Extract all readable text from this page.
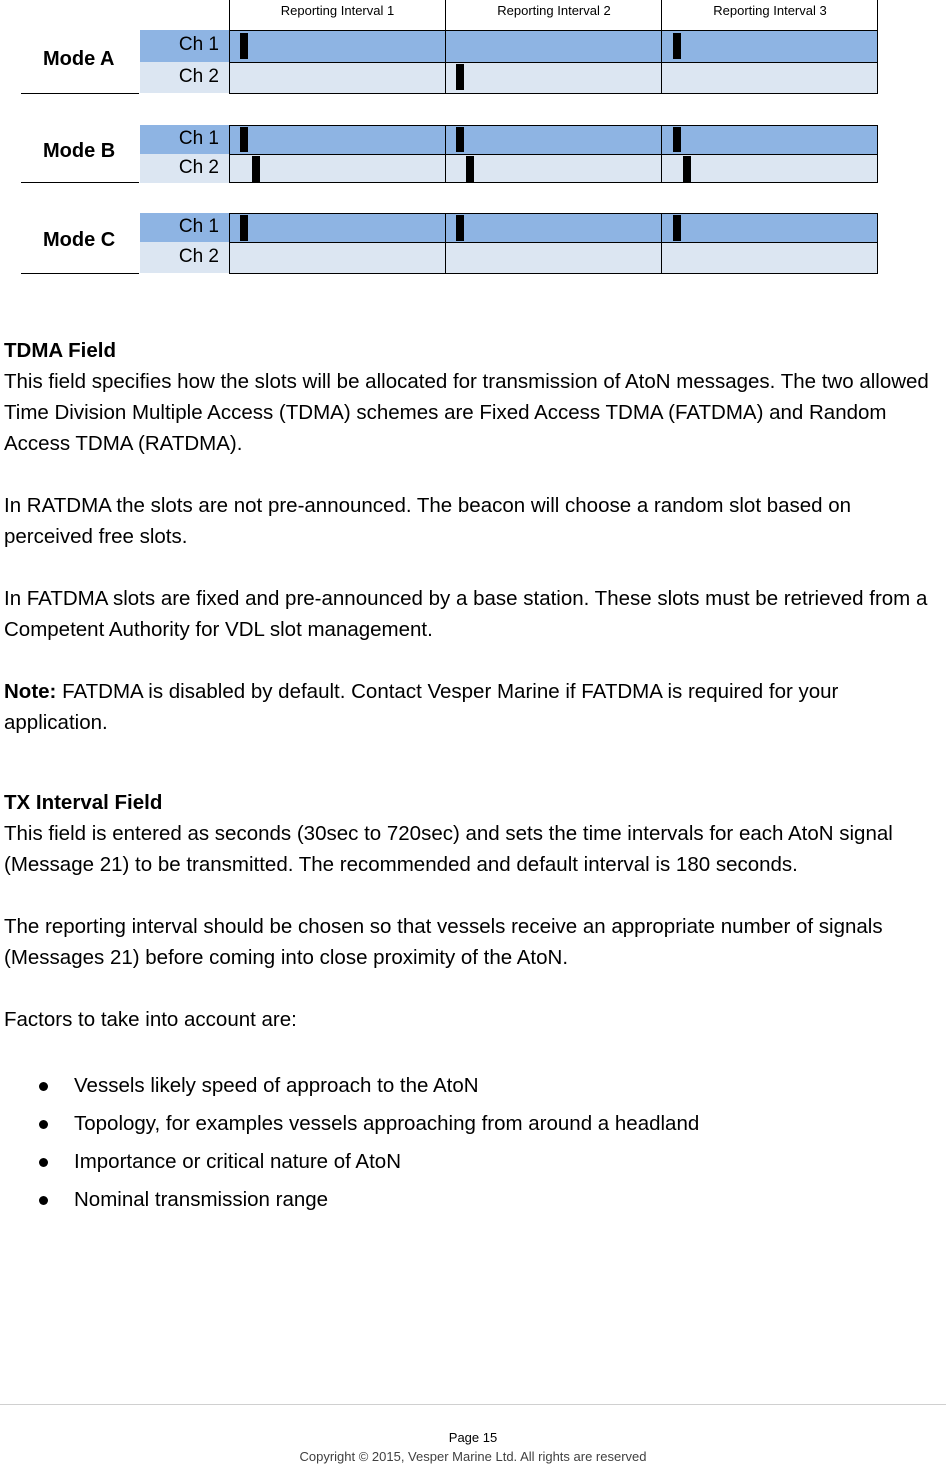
Reporting Interval 1	Reporting Interval 2	Reporting Interval 3
Mode A
Ch 1
Ch 2
Mode B
Ch 1
Ch 2
Mode C
Ch 1
Ch 2

TDMA Field

This field specifies how the slots will be allocated for transmission of AtoN messages. The two allowed Time Division Multiple Access (TDMA) schemes are Fixed Access TDMA (FATDMA) and Random Access TDMA (RATDMA).

In RATDMA the slots are not pre-announced. The beacon will choose a random slot based on perceived free slots.

In FATDMA slots are fixed and pre-announced by a base station. These slots must be retrieved from a Competent Authority for VDL slot management.

Note: FATDMA is disabled by default. Contact Vesper Marine if FATDMA is required for your application.

TX Interval Field

This field is entered as seconds (30sec to 720sec) and sets the time intervals for each AtoN signal (Message 21) to be transmitted. The recommended and default interval is 180 seconds.

The reporting interval should be chosen so that vessels receive an appropriate number of signals (Messages 21) before coming into close proximity of the AtoN.

Factors to take into account are:

Vessels likely speed of approach to the AtoN
Topology, for examples vessels approaching from around a headland
Importance or critical nature of AtoN
Nominal transmission range
Page 15
Copyright © 2015, Vesper Marine Ltd. All rights are reserved
